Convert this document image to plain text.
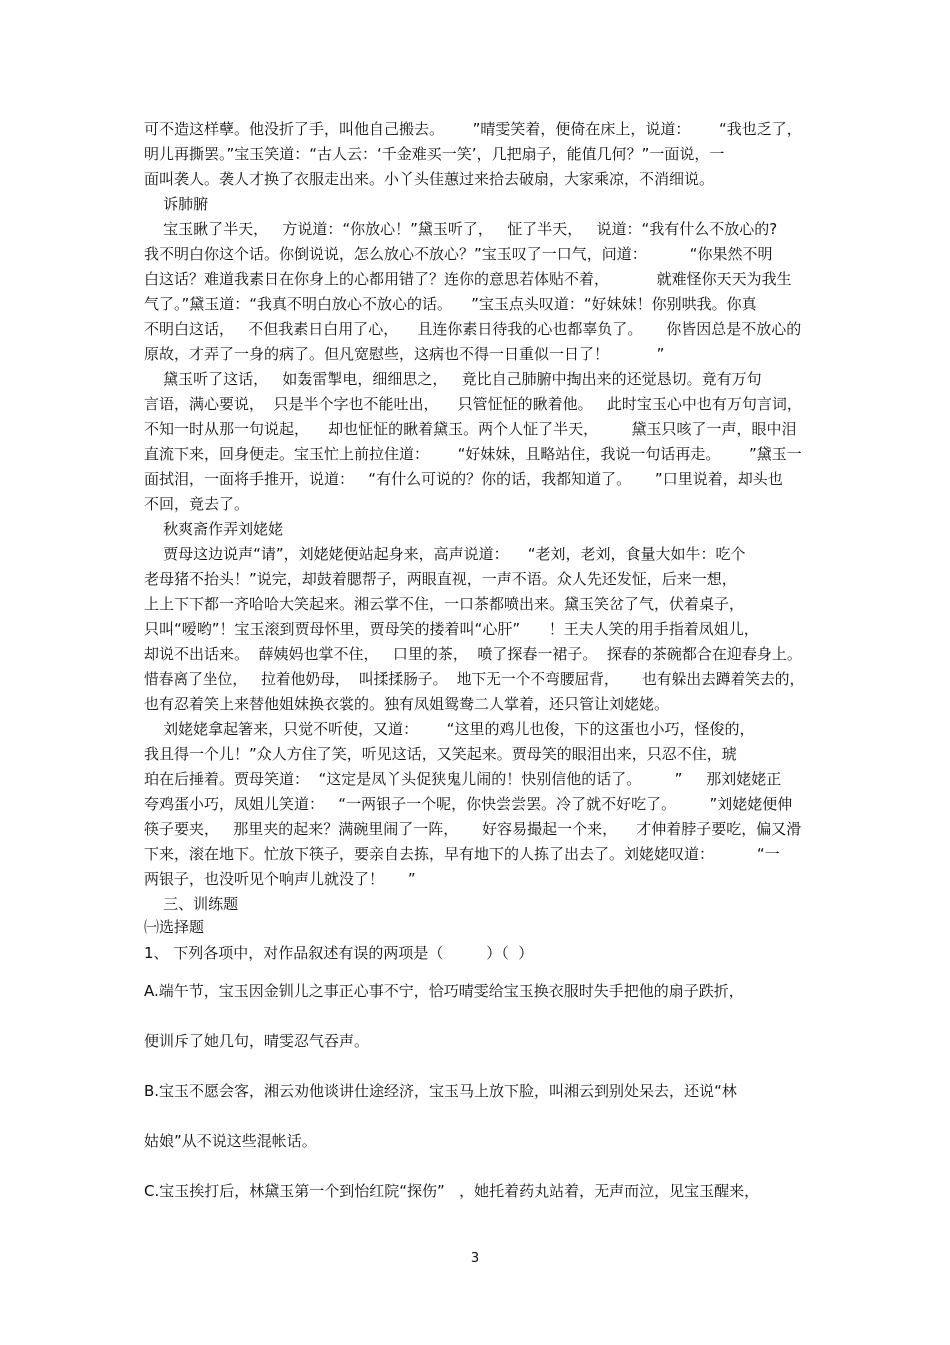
可不造这样孽。他没折了手，叫他自己搬去。      ”晴雯笑着，便倚在床上，说道：      “我也乏了，
明儿再撕罢。”宝玉笑道：“古人云：‘千金难买一笑’，几把扇子，能值几何？”一面说，一
面叫袭人。袭人才换了衣服走出来。小丫头佳蕙过来拾去破扇，大家乘凉，不消细说。
诉肺腑
宝玉瞅了半天，   方说道：“你放心！”黛玉听了，   怔了半天，   说道：“我有什么不放心的?
我不明白你这个话。你倒说说，怎么放心不放心？”宝玉叹了一口气，问道：         “你果然不明
白这话？难道我素日在你身上的心都用错了？连你的意思若体贴不着，          就难怪你天天为我生
气了。”黛玉道：“我真不明白放心不放心的话。    ”宝玉点头叹道：“好妹妹！你别哄我。你真
不明白这话，   不但我素日白用了心，    且连你素日待我的心也都辜负了。     你皆因总是不放心的
原故，才弄了一身的病了。但凡宽慰些，这病也不得一日重似一日了！          ”
黛玉听了这话，   如轰雷掣电，细细思之，   竟比自己肺腑中掏出来的还觉恳切。竟有万句
言语，满心要说，  只是半个字也不能吐出，    只管怔怔的瞅着他。   此时宝玉心中也有万句言词，
不知一时从那一句说起，    却也怔怔的瞅着黛玉。两个人怔了半天，       黛玉只咳了一声，眼中泪
直流下来，回身便走。宝玉忙上前拉住道：      “好妹妹，且略站住，我说一句话再走。      ”黛玉一
面拭泪，一面将手推开，说道：   “有什么可说的？你的话，我都知道了。     ”口里说着，却头也
不回，竟去了。
秋爽斋作弄刘姥姥
贾母这边说声“请”，刘姥姥便站起身来，高声说道：    “老刘，老刘，食量大如牛：吃个
老母猪不抬头！”说完，却鼓着腮帮子，两眼直视，一声不语。众人先还发怔，后来一想，
上上下下都一齐哈哈大笑起来。湘云掌不住，一口茶都喷出来。黛玉笑岔了气，伏着桌子，
只叫“嗳哟”！宝玉滚到贾母怀里，贾母笑的搂着叫“心肝”      ！王夫人笑的用手指着凤姐儿，
却说不出话来。  薛姨妈也掌不住，   口里的茶，  喷了探春一裙子。  探春的茶碗都合在迎春身上。
惜春离了坐位，   拉着他奶母，  叫揉揉肠子。  地下无一个不弯腰屈背，     也有躲出去蹲着笑去的，
也有忍着笑上来替他姐妹换衣裳的。独有凤姐鸳鸯二人掌着，还只管让刘姥姥。
刘姥姥拿起箸来，只觉不听使，又道：      “这里的鸡儿也俊，下的这蛋也小巧，怪俊的，
我且得一个儿！”众人方住了笑，听见这话，又笑起来。贾母笑的眼泪出来，只忍不住，琥
珀在后捶着。贾母笑道：  “这定是凤丫头促狭鬼儿闹的！快别信他的话了。       ”     那刘姥姥正
夸鸡蛋小巧，凤姐儿笑道：   “一两银子一个呢，你快尝尝罢。冷了就不好吃了。       ”刘姥姥便伸
筷子要夹，   那里夹的起来？满碗里闹了一阵，     好容易撮起一个来，    才伸着脖子要吃，偏又滑
下来，滚在地下。忙放下筷子，要亲自去拣，早有地下的人拣了出去了。刘姥姥叹道：         “一
两银子，也没听见个响声儿就没了！     ”
三、训练题
㈠选择题
1、 下列各项中，对作品叙述有误的两项是（         ）（  ）
A.端午节，宝玉因金钏儿之事正心事不宁，恰巧晴雯给宝玉换衣服时失手把他的扇子跌折，
便训斥了她几句，晴雯忍气吞声。
B.宝玉不愿会客，湘云劝他谈讲仕途经济，宝玉马上放下脸，叫湘云到别处呆去，还说“林
姑娘”从不说这些混帐话。
C.宝玉挨打后，林黛玉第一个到怡红院“探伤”   ，她托着药丸站着，无声而泣，见宝玉醒来，
3
